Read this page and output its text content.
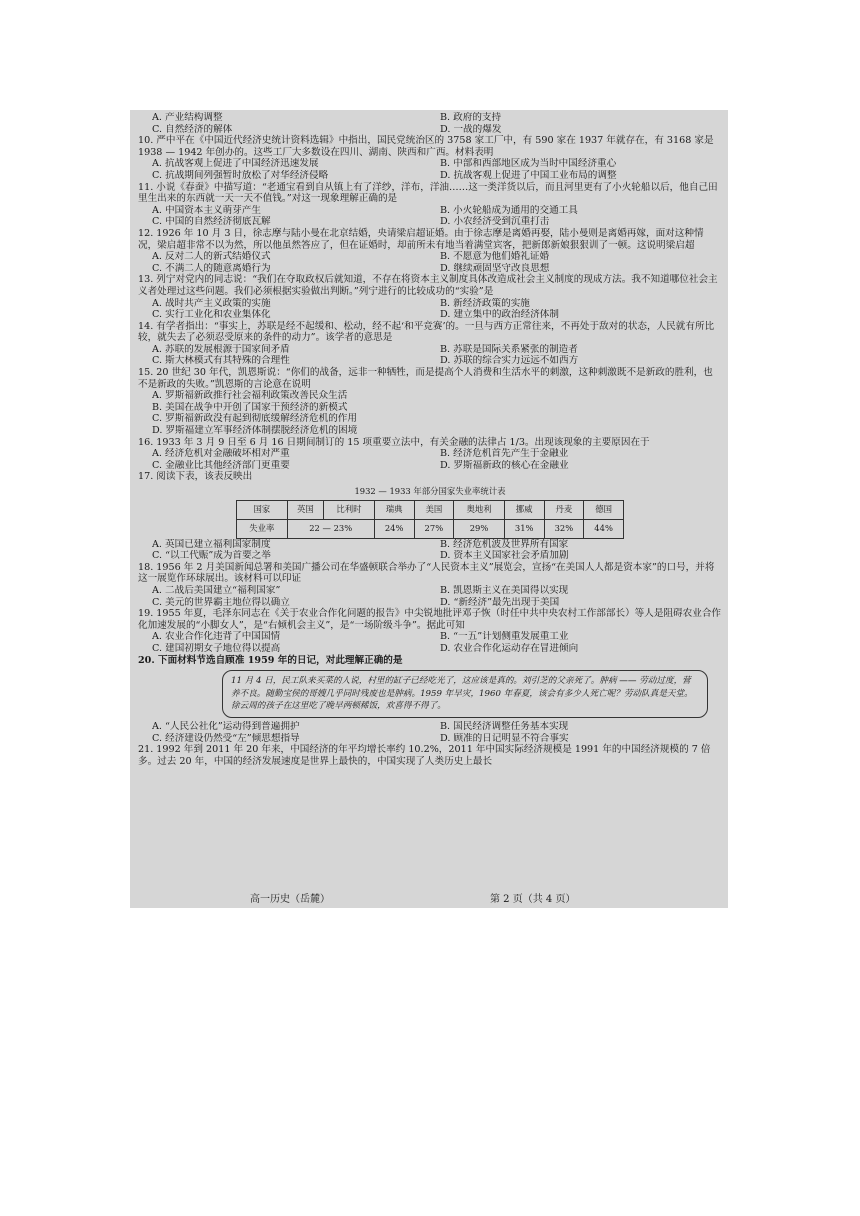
A. 产业结构调整	B. 政府的支持
C. 自然经济的解体	D. 一战的爆发
10. 严中平在《中国近代经济史统计资料选辑》中指出，国民党统治区的 3758 家工厂中，有 590 家在 1937 年就存在，有 3168 家是 1938 — 1942 年创办的。这些工厂大多数设在四川、湖南、陕西和广西。材料表明
A. 抗战客观上促进了中国经济迅速发展	B. 中部和西部地区成为当时中国经济重心
C. 抗战期间列强暂时放松了对华经济侵略	D. 抗战客观上促进了中国工业布局的调整
11. 小说《春蚕》中描写道：“老通宝看到自从镇上有了洋纱，洋布，洋油……这一类洋货以后，而且河里更有了小火轮船以后，他自己田里生出来的东西就一天一天不值钱。”对这一现象理解正确的是
A. 中国资本主义萌芽产生	B. 小火轮船成为通用的交通工具
C. 中国的自然经济彻底瓦解	D. 小农经济受到沉重打击
12. 1926 年 10 月 3 日，徐志摩与陆小曼在北京结婚，央请梁启超证婚。由于徐志摩是离婚再娶，陆小曼则是离婚再嫁，面对这种情况，梁启超非常不以为然，所以他虽然答应了，但在证婚时，却前所未有地当着满堂宾客，把新郎新娘狠狠训了一顿。这说明梁启超
A. 反对二人的新式结婚仪式	B. 不愿意为他们婚礼证婚
C. 不满二人的随意离婚行为	D. 继续顽固坚守改良思想
13. 列宁对党内的同志说：“我们在夺取政权后就知道，不存在将资本主义制度具体改造成社会主义制度的现成方法。我不知道哪位社会主义者处理过这些问题。我们必须根据实验做出判断。”列宁进行的比较成功的“实验”是
A. 战时共产主义政策的实施	B. 新经济政策的实施
C. 实行工业化和农业集体化	D. 建立集中的政治经济体制
14. 有学者指出：“事实上，苏联是经不起缓和、松动，经不起‘和平竞赛’的。一旦与西方正常往来，不再处于敌对的状态，人民就有所比较，就失去了必须忍受原来的条件的动力”。该学者的意思是
A. 苏联的发展根源于国家间矛盾	B. 苏联是国际关系紧张的制造者
C. 斯大林模式有其特殊的合理性	D. 苏联的综合实力远远不如西方
15. 20 世纪 30 年代，凯恩斯说：“你们的战备，远非一种牺牲，而是提高个人消费和生活水平的刺激，这种刺激既不是新政的胜利，也不是新政的失败。”凯恩斯的言论意在说明
A. 罗斯福新政推行社会福利政策改善民众生活
B. 美国在战争中开创了国家干预经济的新模式
C. 罗斯福新政没有起到彻底缓解经济危机的作用
D. 罗斯福建立军事经济体制摆脱经济危机的困境
16. 1933 年 3 月 9 日至 6 月 16 日期间制订的 15 项重要立法中，有关金融的法律占 1/3。出现该现象的主要原因在于
A. 经济危机对金融破坏相对严重	B. 经济危机首先产生于金融业
C. 金融业比其他经济部门更重要	D. 罗斯福新政的核心在金融业
17. 阅读下表，该表反映出
1932 — 1933 年部分国家失业率统计表
国家	英国	比利时	瑞典	美国	奥地利	挪威	丹麦	德国
失业率	22 — 23%		24%	27%	29%	31%	32%	44%
A. 英国已建立福利国家制度	B. 经济危机波及世界所有国家
C. “以工代赈”成为首要之举	D. 资本主义国家社会矛盾加剧
18. 1956 年 2 月美国新闻总署和美国广播公司在华盛顿联合举办了“人民资本主义”展览会，宣扬“在美国人人都是资本家”的口号，并将这一展览作环球展出。该材料可以印证
A. 二战后美国建立“福利国家”	B. 凯恩斯主义在美国得以实现
C. 美元的世界霸主地位得以确立	D. “新经济”最先出现于美国
19. 1955 年夏，毛泽东同志在《关于农业合作化问题的报告》中尖锐地批评邓子恢（时任中共中央农村工作部部长）等人是阻碍农业合作化加速发展的“小脚女人”，是“右倾机会主义”，是“一场阶级斗争”。据此可知
A. 农业合作化违背了中国国情	B. “一五”计划侧重发展重工业
C. 建国初期女子地位得以提高	D. 农业合作化运动存在冒进倾向
20. 下面材料节选自顾准 1959 年的日记，对此理解正确的是
11 月 4 日，民工队来买菜的人说，村里的缸子已经吃光了，这应该是真的。刘引芝的父亲死了。肿病 —— 劳动过度，营养不良。随勤宝侯的哥嫂几乎同时残废也是肿病。1959 年早灾，1960 年春夏，该会有多少人死亡呢？劳动队真是天堂。徐云周的孩子在这里吃了晚早两顿稀饭，欢喜得不得了。
A. “人民公社化”运动得到普遍拥护	B. 国民经济调整任务基本实现
C. 经济建设仍然受“左”倾思想指导	D. 顾准的日记明显不符合事实
21. 1992 年到 2011 年 20 年来，中国经济的年平均增长率约 10.2%，2011 年中国实际经济规模是 1991 年的中国经济规模的 7 倍多。过去 20 年，中国的经济发展速度是世界上最快的，中国实现了人类历史上最长
高一历史（岳麓）	第 2 页（共 4 页）
